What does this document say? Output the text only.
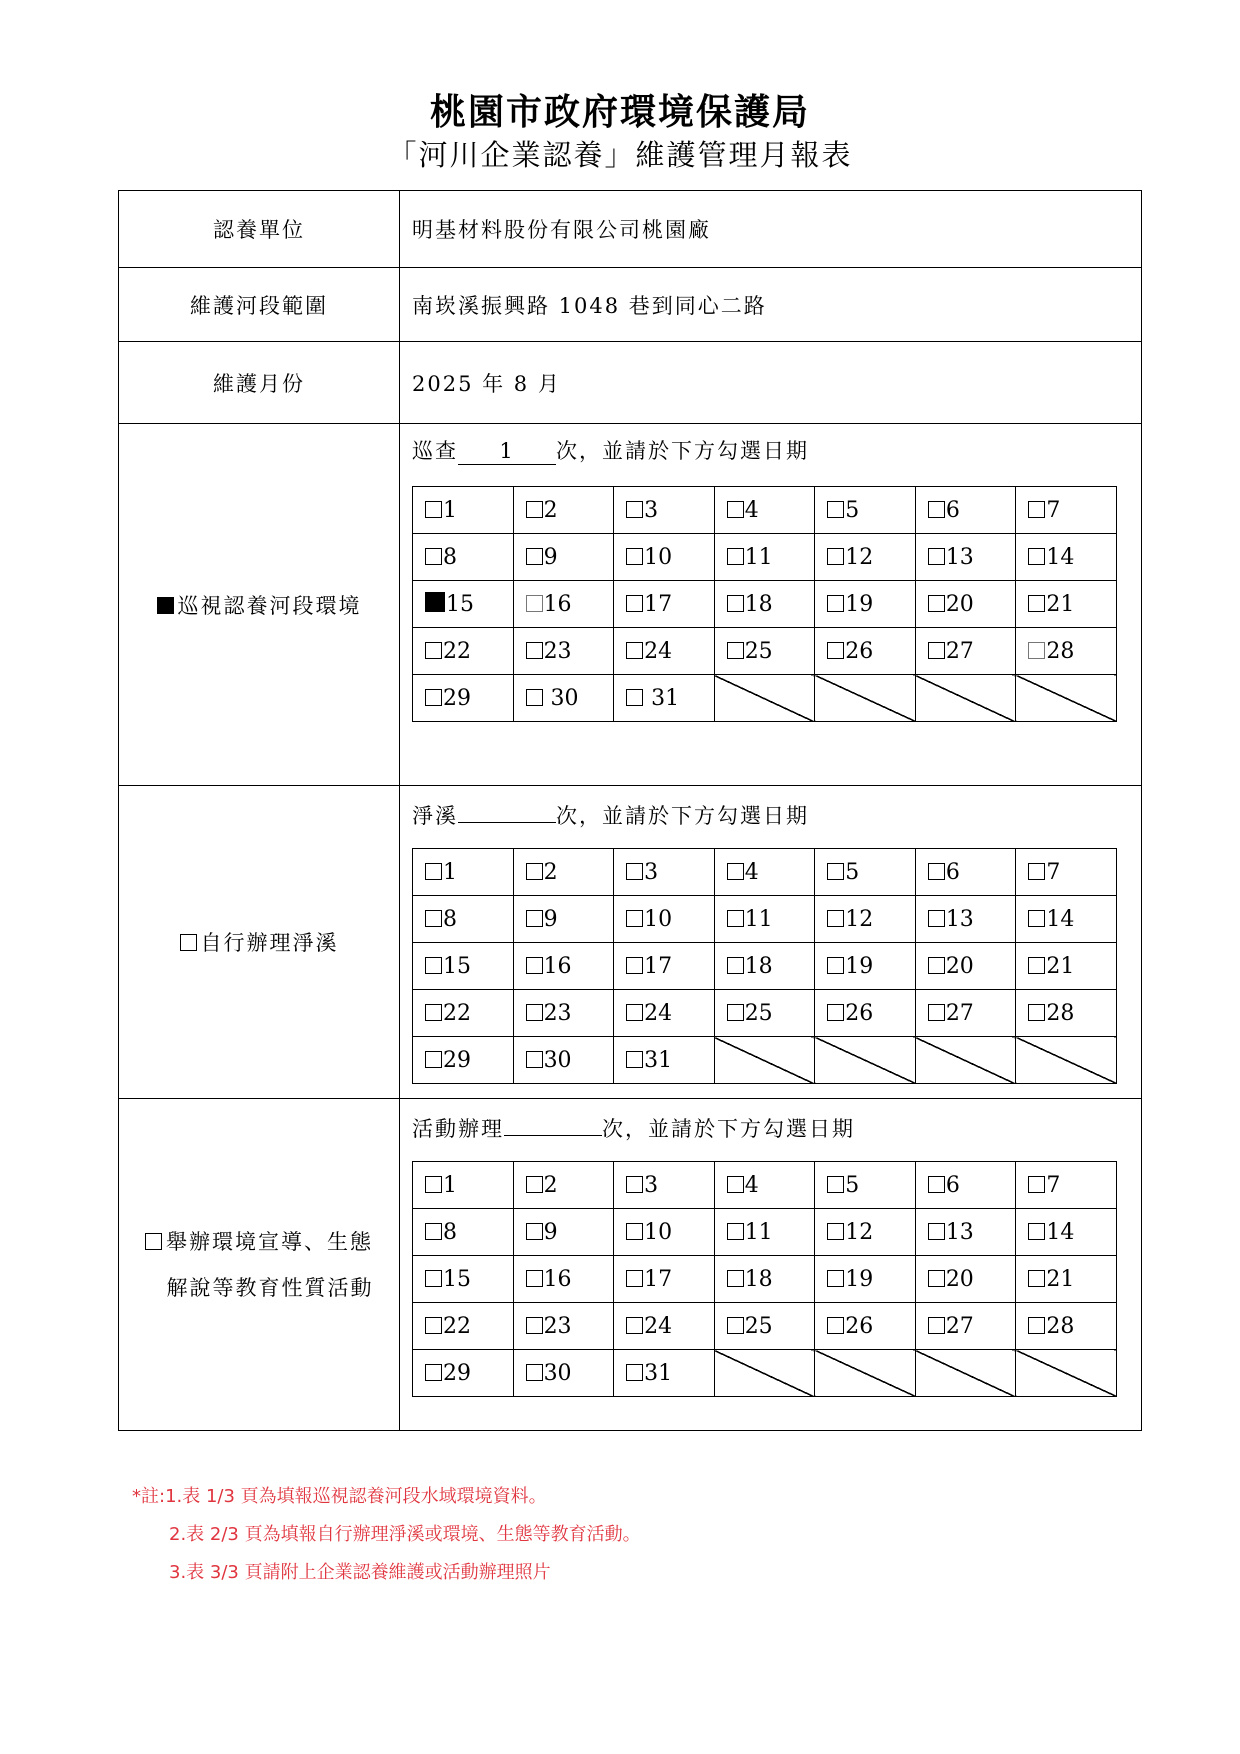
桃園市政府環境保護局
「河川企業認養」維護管理月報表
認養單位	明基材料股份有限公司桃園廠
維護河段範圍	南崁溪振興路 1048 巷到同心二路
維護月份	2025 年 8 月
巡視認養河段環境	
巡查 1 次，並請於下方勾選日期
1	2	3	4	5	6	7
8	9	10	11	12	13	14
15	16	17	18	19	20	21
22	23	24	25	26	27	28
29	30	31				

自行辦理淨溪	
淨溪	次，並請於下方勾選日期
1	2	3	4	5	6	7
8	9	10	11	12	13	14
15	16	17	18	19	20	21
22	23	24	25	26	27	28
29	30	31				

舉辦環境宣導、生態
解說等教育性質活動

活動辦理	次，並請於下方勾選日期
1	2	3	4	5	6	7
8	9	10	11	12	13	14
15	16	17	18	19	20	21
22	23	24	25	26	27	28
29	30	31				
*註:1.表 1/3 頁為填報巡視認養河段水域環境資料。
2.表 2/3 頁為填報自行辦理淨溪或環境、生態等教育活動。
3.表 3/3 頁請附上企業認養維護或活動辦理照片
